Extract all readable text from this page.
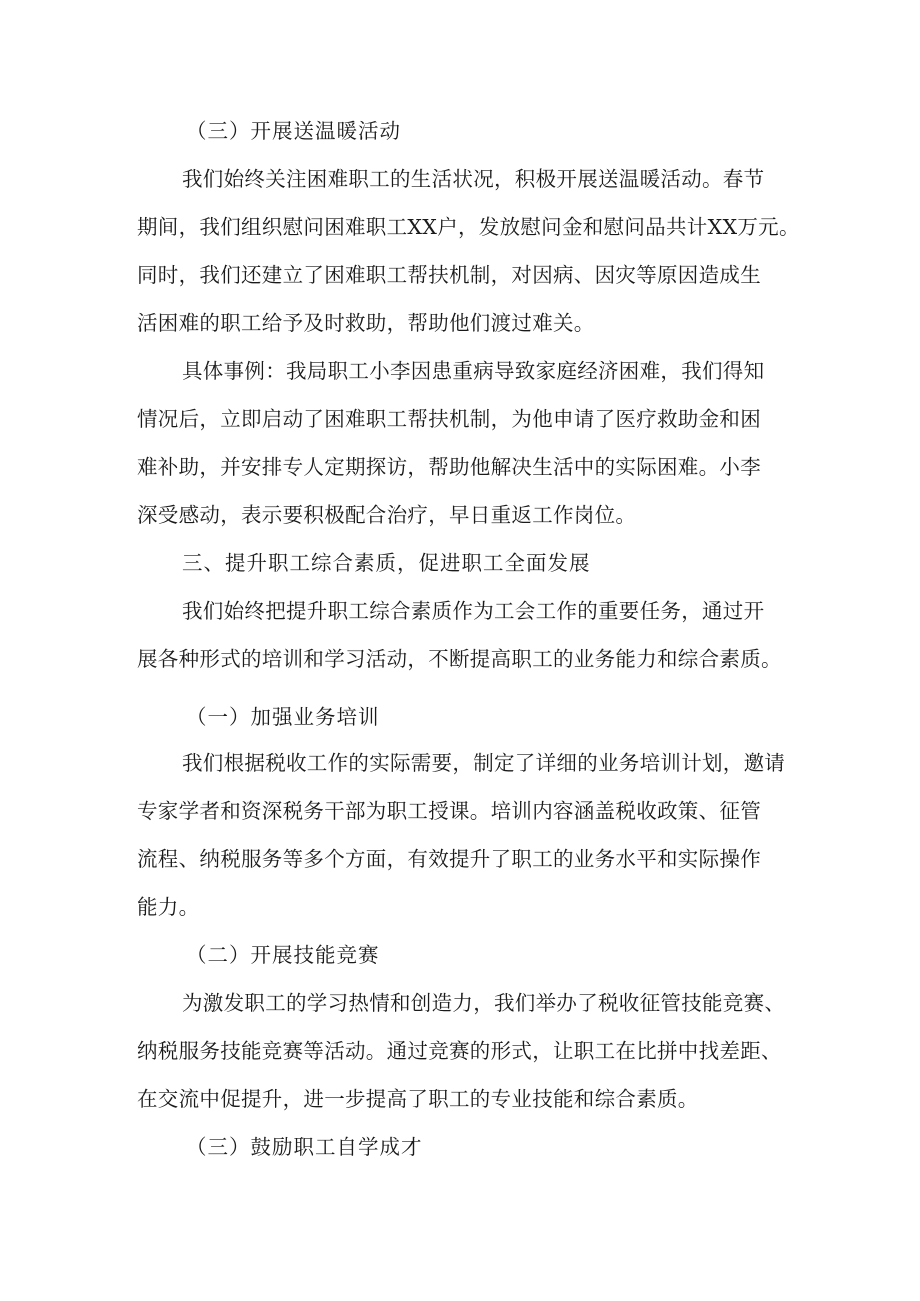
（三）开展送温暖活动
我们始终关注困难职工的生活状况，积极开展送温暖活动。春节
期间，我们组织慰问困难职工XX户，发放慰问金和慰问品共计XX万元。
同时，我们还建立了困难职工帮扶机制，对因病、因灾等原因造成生
活困难的职工给予及时救助，帮助他们渡过难关。
具体事例：我局职工小李因患重病导致家庭经济困难，我们得知
情况后，立即启动了困难职工帮扶机制，为他申请了医疗救助金和困
难补助，并安排专人定期探访，帮助他解决生活中的实际困难。小李
深受感动，表示要积极配合治疗，早日重返工作岗位。
三、提升职工综合素质，促进职工全面发展
我们始终把提升职工综合素质作为工会工作的重要任务，通过开
展各种形式的培训和学习活动，不断提高职工的业务能力和综合素质。
（一）加强业务培训
我们根据税收工作的实际需要，制定了详细的业务培训计划，邀请
专家学者和资深税务干部为职工授课。培训内容涵盖税收政策、征管
流程、纳税服务等多个方面，有效提升了职工的业务水平和实际操作
能力。
（二）开展技能竞赛
为激发职工的学习热情和创造力，我们举办了税收征管技能竞赛、
纳税服务技能竞赛等活动。通过竞赛的形式，让职工在比拼中找差距、
在交流中促提升，进一步提高了职工的专业技能和综合素质。
（三）鼓励职工自学成才
